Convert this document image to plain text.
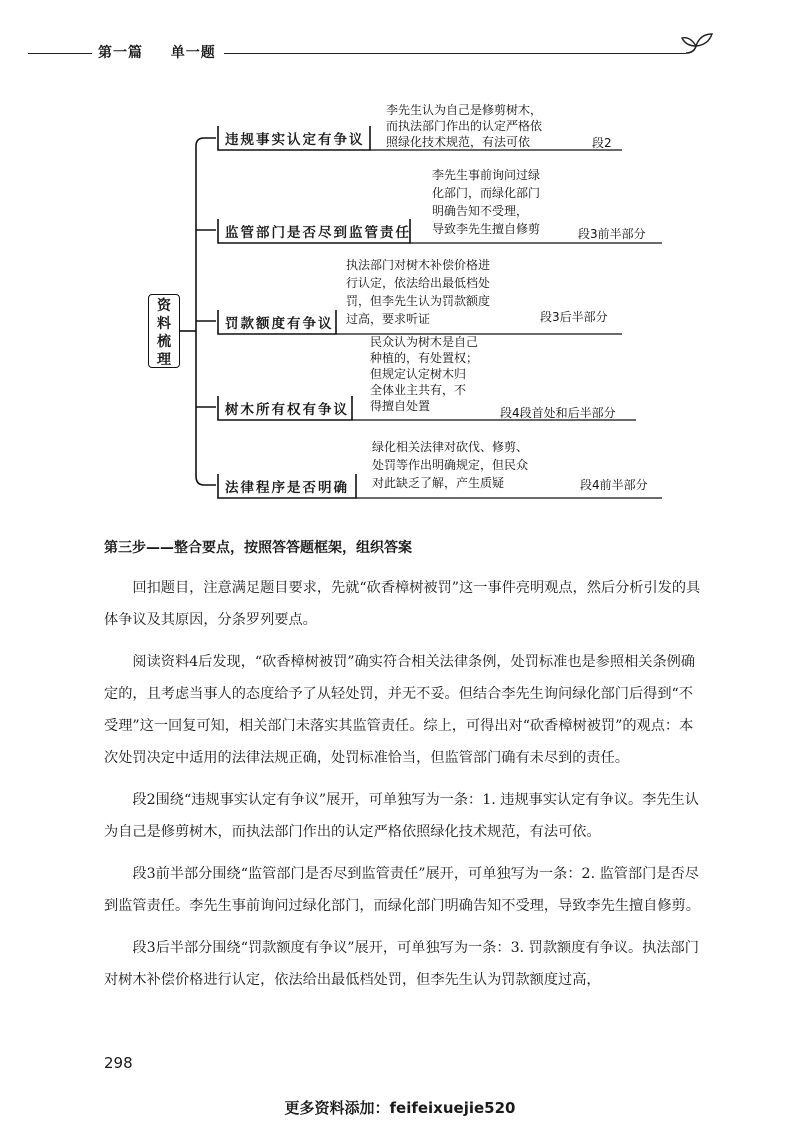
第一篇 单一题
资
料
梳
理
违规事实认定有争议
李先生认为自己是修剪树木，
而执法部门作出的认定严格依
照绿化技术规范，有法可依	段2
监管部门是否尽到监管责任
李先生事前询问过绿
化部门，而绿化部门
明确告知不受理，
导致李先生擅自修剪	段3前半部分
罚款额度有争议
执法部门对树木补偿价格进
行认定，依法给出最低档处
罚，但李先生认为罚款额度
过高，要求听证	段3后半部分
树木所有权有争议
民众认为树木是自己
种植的，有处置权；
但规定认定树木归
全体业主共有，不
得擅自处置	段4段首处和后半部分
法律程序是否明确
绿化相关法律对砍伐、修剪、
处罚等作出明确规定，但民众
对此缺乏了解，产生质疑	段4前半部分

第三步——整合要点，按照答答题框架，组织答案

回扣题目，注意满足题目要求，先就“砍香樟树被罚”这一事件亮明观点，然后分析引发的具体争议及其原因，分条罗列要点。

阅读资料4后发现，“砍香樟树被罚”确实符合相关法律条例，处罚标准也是参照相关条例确定的，且考虑当事人的态度给予了从轻处罚，并无不妥。但结合李先生询问绿化部门后得到“不受理”这一回复可知，相关部门未落实其监管责任。综上，可得出对“砍香樟树被罚”的观点：本次处罚决定中适用的法律法规正确，处罚标准恰当，但监管部门确有未尽到的责任。

段2围绕“违规事实认定有争议”展开，可单独写为一条：1. 违规事实认定有争议。李先生认为自己是修剪树木，而执法部门作出的认定严格依照绿化技术规范，有法可依。

段3前半部分围绕“监管部门是否尽到监管责任”展开，可单独写为一条：2. 监管部门是否尽到监管责任。李先生事前询问过绿化部门，而绿化部门明确告知不受理，导致李先生擅自修剪。

段3后半部分围绕“罚款额度有争议”展开，可单独写为一条：3. 罚款额度有争议。执法部门对树木补偿价格进行认定，依法给出最低档处罚，但李先生认为罚款额度过高，

298
更多资料添加：feifeixuejie520
